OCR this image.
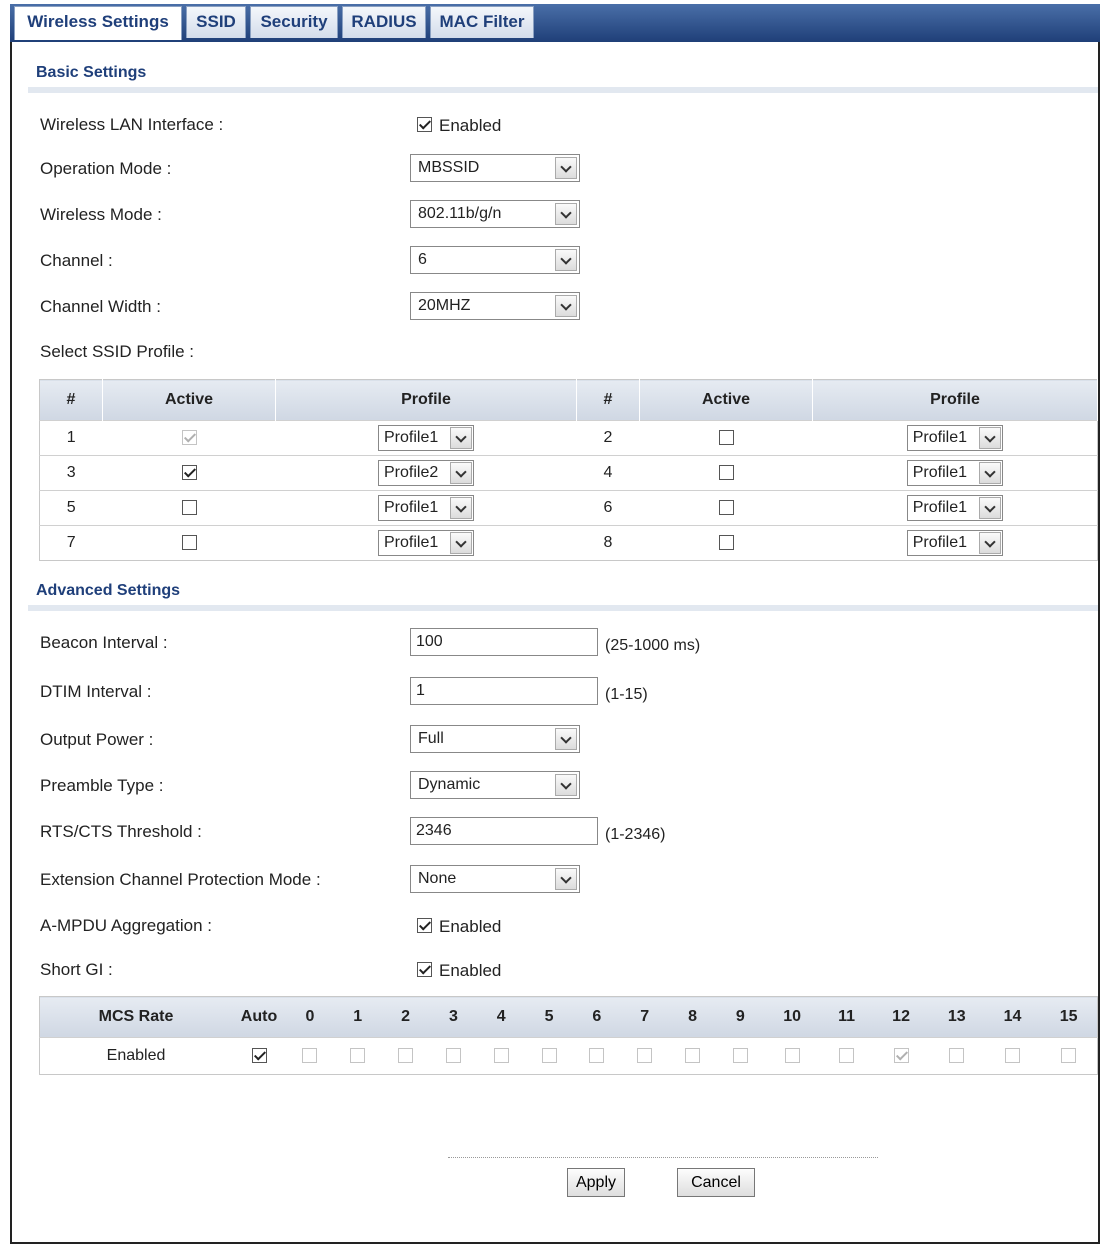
Wireless Settings	SSID	Security	RADIUS	MAC Filter
Basic Settings
Wireless LAN Interface :	Enabled
Operation Mode :	MBSSID
Wireless Mode :	802.11b/g/n
Channel :	6
Channel Width :	20MHZ
Select SSID Profile :
#	Active	Profile	#	Active	Profile
1		Profile1	2		Profile1

3		Profile2	4		Profile1

5		Profile1	6		Profile1

7		Profile1	8		Profile1
Advanced Settings
Beacon Interval :	100	(25-1000 ms)
DTIM Interval :	1	(1-15)
Output Power :	Full
Preamble Type :	Dynamic
RTS/CTS Threshold :	2346	(1-2346)
Extension Channel Protection Mode :	None
A-MPDU Aggregation :	Enabled
Short GI :	Enabled
MCS Rate	Auto	0	1	2	3	4	5	6	7	8	9	10	11	12	13	14	15
Enabled																	
Apply	Cancel
